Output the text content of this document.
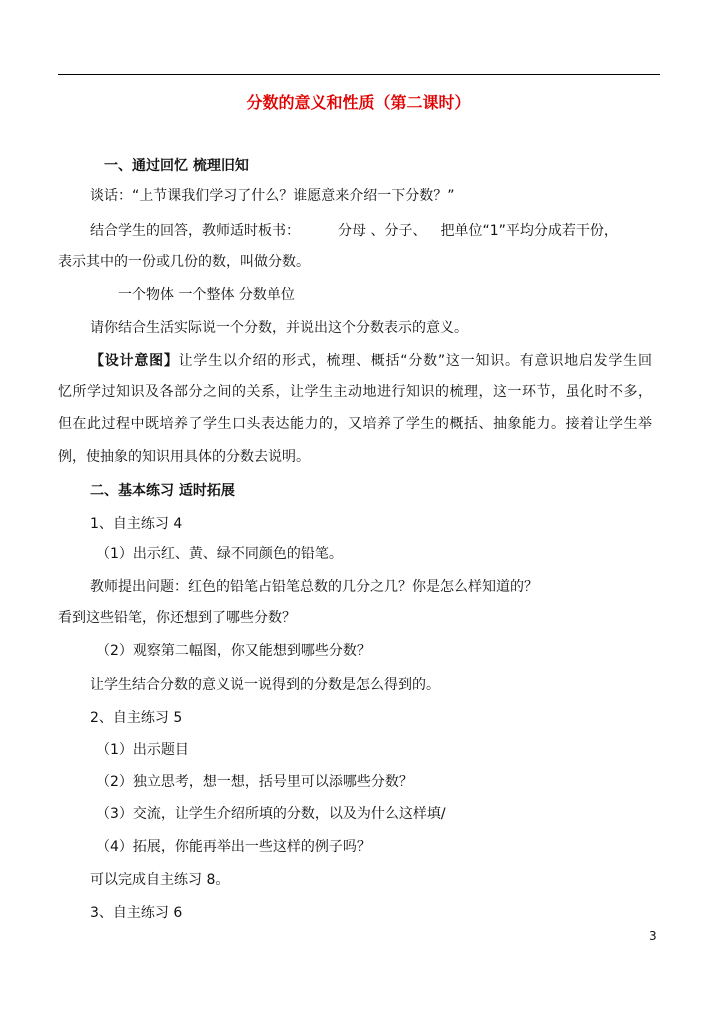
分数的意义和性质（第二课时）
一、通过回忆 梳理旧知
谈话：“上节课我们学习了什么？谁愿意来介绍一下分数？”
结合学生的回答，教师适时板书：	分母 、分子、 把单位“1”平均分成若干份，
表示其中的一份或几份的数，叫做分数。
一个物体 一个整体 分数单位
请你结合生活实际说一个分数，并说出这个分数表示的意义。
【设计意图】让学生以介绍的形式，梳理、概括“分数”这一知识。有意识地启发学生回
忆所学过知识及各部分之间的关系，让学生主动地进行知识的梳理，这一环节，虽化时不多，
但在此过程中既培养了学生口头表达能力的，又培养了学生的概括、抽象能力。接着让学生举
例，使抽象的知识用具体的分数去说明。
二、基本练习 适时拓展
1、自主练习 4
（1）出示红、黄、绿不同颜色的铅笔。
教师提出问题：红色的铅笔占铅笔总数的几分之几？你是怎么样知道的？
看到这些铅笔，你还想到了哪些分数？
（2）观察第二幅图，你又能想到哪些分数？
让学生结合分数的意义说一说得到的分数是怎么得到的。
2、自主练习 5
（1）出示题目
（2）独立思考，想一想，括号里可以添哪些分数？
（3）交流，让学生介绍所填的分数，以及为什么这样填/
（4）拓展，你能再举出一些这样的例子吗？
可以完成自主练习 8。
3、自主练习 6
3
